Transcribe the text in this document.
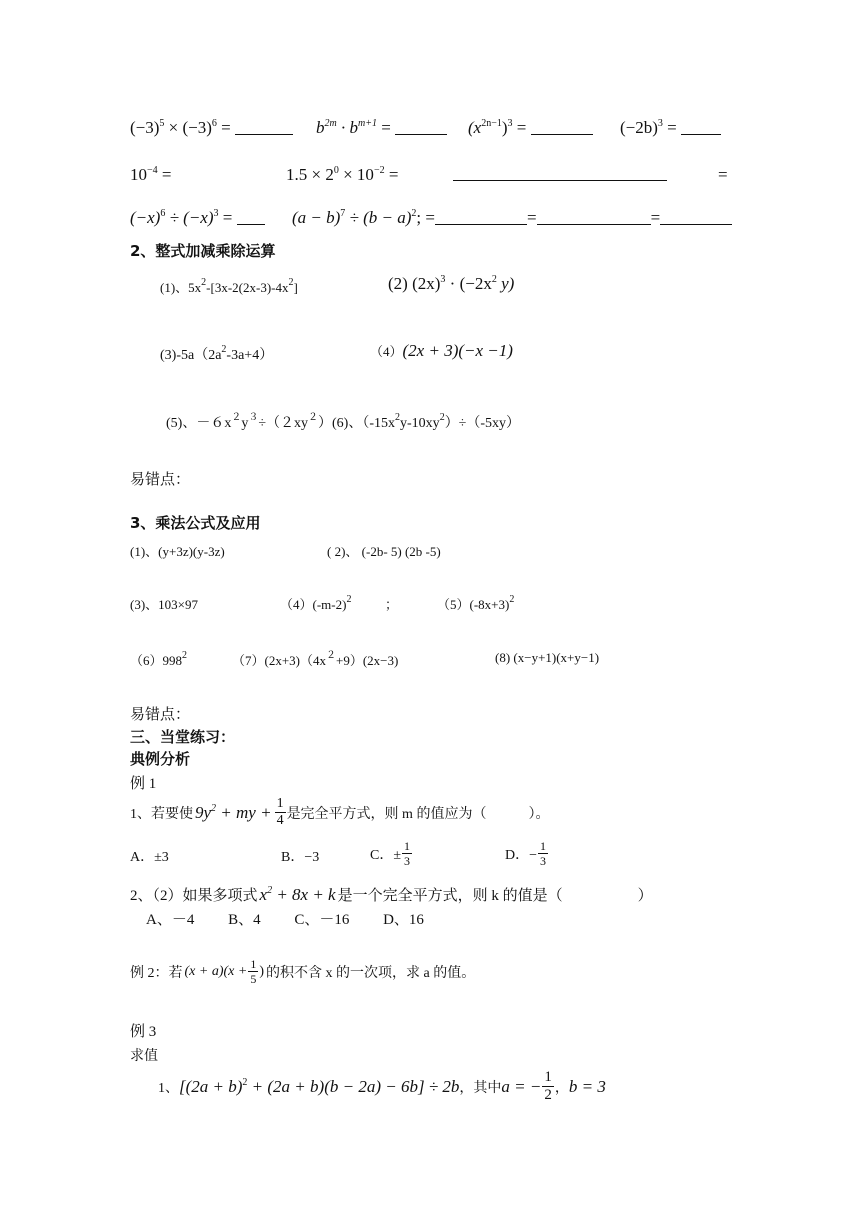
$(-3)^5 \times (-3)^6$ =	$b^{2m} \cdot b^{m+1}$ =	$(x^{2n-1})^3$ =	$(-2b)^3$ =
$10^{-4}$ =	$1.5 \times 2^0 \times 10^{-2}$ =	=
$(-x)^6 \div (-x)^3$ =	$(a - b)^7 \div (b - a)^2$; =	=	=
2、整式加减乘除运算
(1)、$5x^2-[3x-2(2x-3)-4x^2]$	(2) $(2x)^3 \cdot (-2x^2$ y)
$(3)-5a(2a^2-3a+4)$	（4）(2x + 3)(−x −1)
(5)、$-6x^2y^3\div(2xy^2)(6)$、$(-15x^2y-10xy^2)\div(-5xy)$
易错点：
3、乘法公式及应用
(1)、(y+3z)(y-3z)	( 2)、 (-2b- 5) (2b -5)
(3)、103×97	$(4)(-m-2)^2$	；	$(5)(-8x+3)^2$
$(6)998^2$	$(7)(2x+3)(4x^2+9)(2x-3)$	(8) (x−y+1)(x+y−1)
易错点：
三、当堂练习：
典例分析
例 1
1、若要使 $9y^2$ + my + $\frac{1}{4}$ 是完全平方式，则 m 的值应为（　　　）。
A．±3	B．−3	C．± $\frac{1}{3}$	D．− $\frac{1}{3}$
2、（2）如果多项式 $x^2 + 8x + k$ 是一个完全平方式，则 k 的值是（　　　　　）
A、－4　　 B、4　　 C、－16　　 D、16
例 2：若 $(x + a)(x + \frac{1}{5}$ ) 的积不含 x 的一次项，求 a 的值。
例 3
求值
1、 $[(2a + b)^2 + (2a + b)(b - 2a) - 6b] \div 2b$ ，其中 a = − $\frac{1}{2}$ ， b = 3
